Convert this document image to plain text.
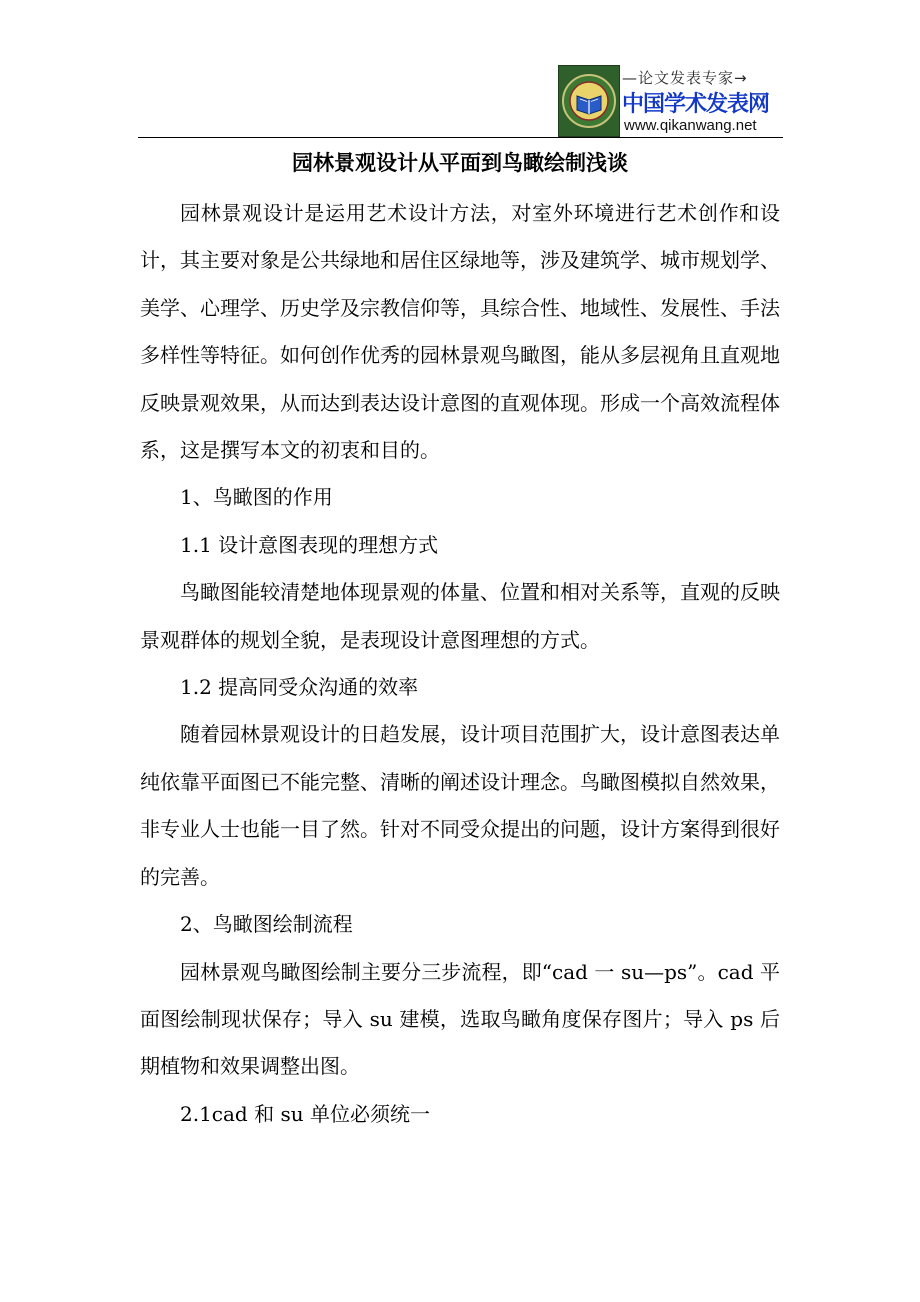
—论文发表专家→
中国学术发表网
www.qikanwang.net
园林景观设计从平面到鸟瞰绘制浅谈

园林景观设计是运用艺术设计方法，对室外环境进行艺术创作和设计，其主要对象是公共绿地和居住区绿地等，涉及建筑学、城市规划学、美学、心理学、历史学及宗教信仰等，具综合性、地域性、发展性、手法多样性等特征。如何创作优秀的园林景观鸟瞰图，能从多层视角且直观地反映景观效果，从而达到表达设计意图的直观体现。形成一个高效流程体系，这是撰写本文的初衷和目的。

1、鸟瞰图的作用

1.1 设计意图表现的理想方式

鸟瞰图能较清楚地体现景观的体量、位置和相对关系等，直观的反映景观群体的规划全貌，是表现设计意图理想的方式。

1.2 提高同受众沟通的效率

随着园林景观设计的日趋发展，设计项目范围扩大，设计意图表达单纯依靠平面图已不能完整、清晰的阐述设计理念。鸟瞰图模拟自然效果，非专业人士也能一目了然。针对不同受众提出的问题，设计方案得到很好的完善。

2、鸟瞰图绘制流程

园林景观鸟瞰图绘制主要分三步流程，即“cad 一 su—ps”。cad 平面图绘制现状保存；导入 su 建模，选取鸟瞰角度保存图片；导入 ps 后期植物和效果调整出图。

2.1cad 和 su 单位必须统一
